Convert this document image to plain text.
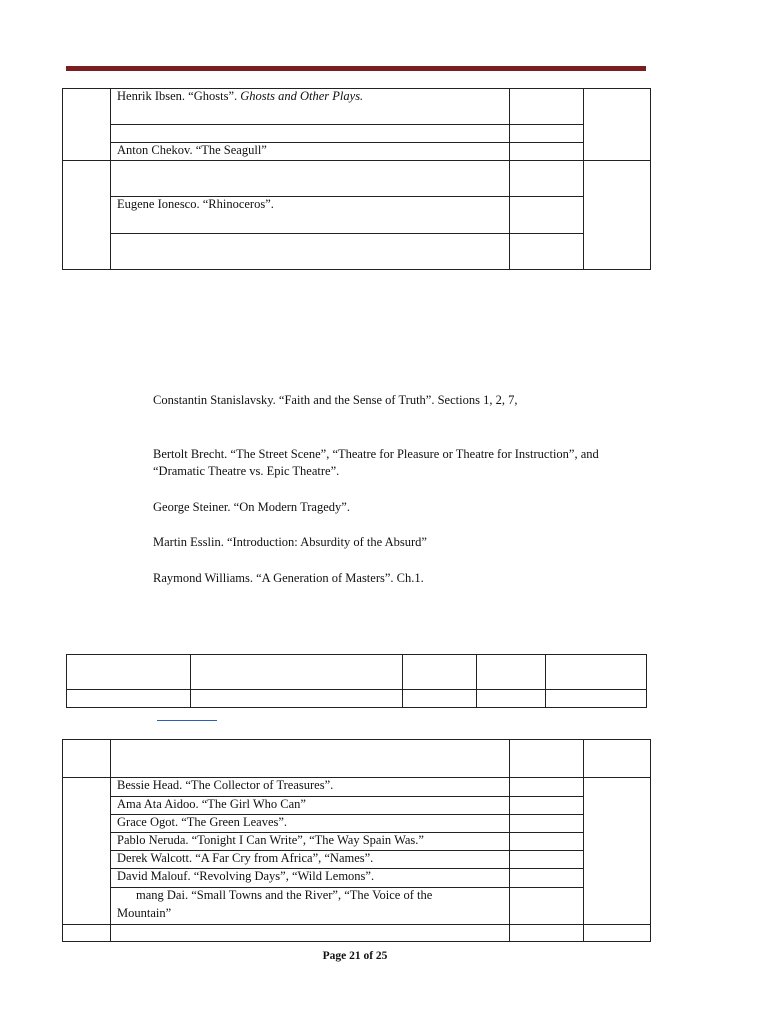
Henrik Ibsen. “Ghosts”. Ghosts and Other Plays.
Anton Chekov. “The Seagull”
Eugene Ionesco. “Rhinoceros”.
Constantin Stanislavsky. “Faith and the Sense of Truth”. Sections 1, 2, 7,
Bertolt Brecht. “The Street Scene”, “Theatre for Pleasure or Theatre for Instruction”, and
“Dramatic Theatre vs. Epic Theatre”.
George Steiner. “On Modern Tragedy”.
Martin Esslin. “Introduction: Absurdity of the Absurd”
Raymond Williams. “A Generation of Masters”. Ch.1.
Bessie Head. “The Collector of Treasures”.
Ama Ata Aidoo. “The Girl Who Can”
Grace Ogot. “The Green Leaves”.
Pablo Neruda. “Tonight I Can Write”, “The Way Spain Was.”
Derek Walcott. “A Far Cry from Africa”, “Names”.
David Malouf. “Revolving Days”, “Wild Lemons”.
mang Dai. “Small Towns and the River”, “The Voice of the
Mountain”
Page 21 of 25
